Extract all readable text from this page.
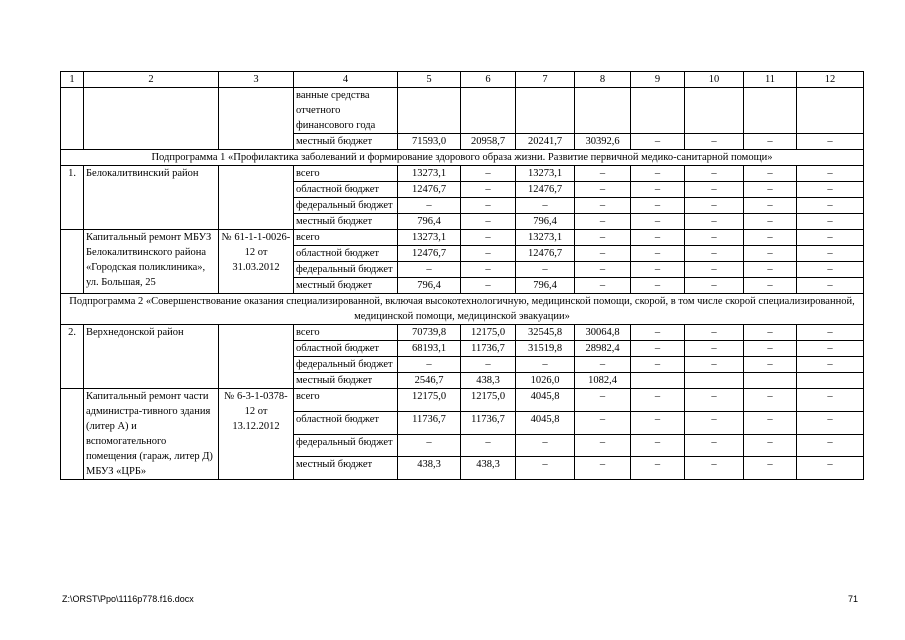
1	2	3	4	5	6	7	8	9	10	11	12
			ванные средства отчетного финансового года								
			местный бюджет	71593,0	20958,7	20241,7	30392,6	–	–	–	–
Подпрограмма 1 «Профилактика заболеваний и формирование здорового образа жизни. Развитие первичной медико-санитарной помощи»											
1.	Белокалитвинский район		всего	13273,1	–	13273,1	–	–	–	–	–
			областной бюджет	12476,7	–	12476,7	–	–	–	–	–
			федеральный бюджет	–	–	–	–	–	–	–	–
			местный бюджет	796,4	–	796,4	–	–	–	–	–
	Капитальный ремонт МБУЗ Белокалитвинского района «Городская поликлиника», ул. Большая, 25	№ 61-1-1-0026-12 от 31.03.2012	всего	13273,1	–	13273,1	–	–	–	–	–
			областной бюджет	12476,7	–	12476,7	–	–	–	–	–
			федеральный бюджет	–	–	–	–	–	–	–	–
			местный бюджет	796,4	–	796,4	–	–	–	–	–
Подпрограмма 2 «Совершенствование оказания специализированной, включая высокотехнологичную, медицинской помощи, скорой, в том числе скорой специализированной, медицинской помощи, медицинской эвакуации»											
2.	Верхнедонской район		всего	70739,8	12175,0	32545,8	30064,8	–	–	–	–
			областной бюджет	68193,1	11736,7	31519,8	28982,4	–	–	–	–
			федеральный бюджет	–	–	–	–	–	–	–	–
			местный бюджет	2546,7	438,3	1026,0	1082,4				
	Капитальный ремонт части администра-тивного здания (литер А) и вспомогательного помещения (гараж, литер Д) МБУЗ «ЦРБ»	№ 6-3-1-0378-12 от 13.12.2012	всего	12175,0	12175,0	4045,8	–	–	–	–	–
			областной бюджет	11736,7	11736,7	4045,8	–	–	–	–	–
			федеральный бюджет	–	–	–	–	–	–	–	–
			местный бюджет	438,3	438,3	–	–	–	–	–	–
Z:\ORST\Ppo\1116p778.f16.docx	71
